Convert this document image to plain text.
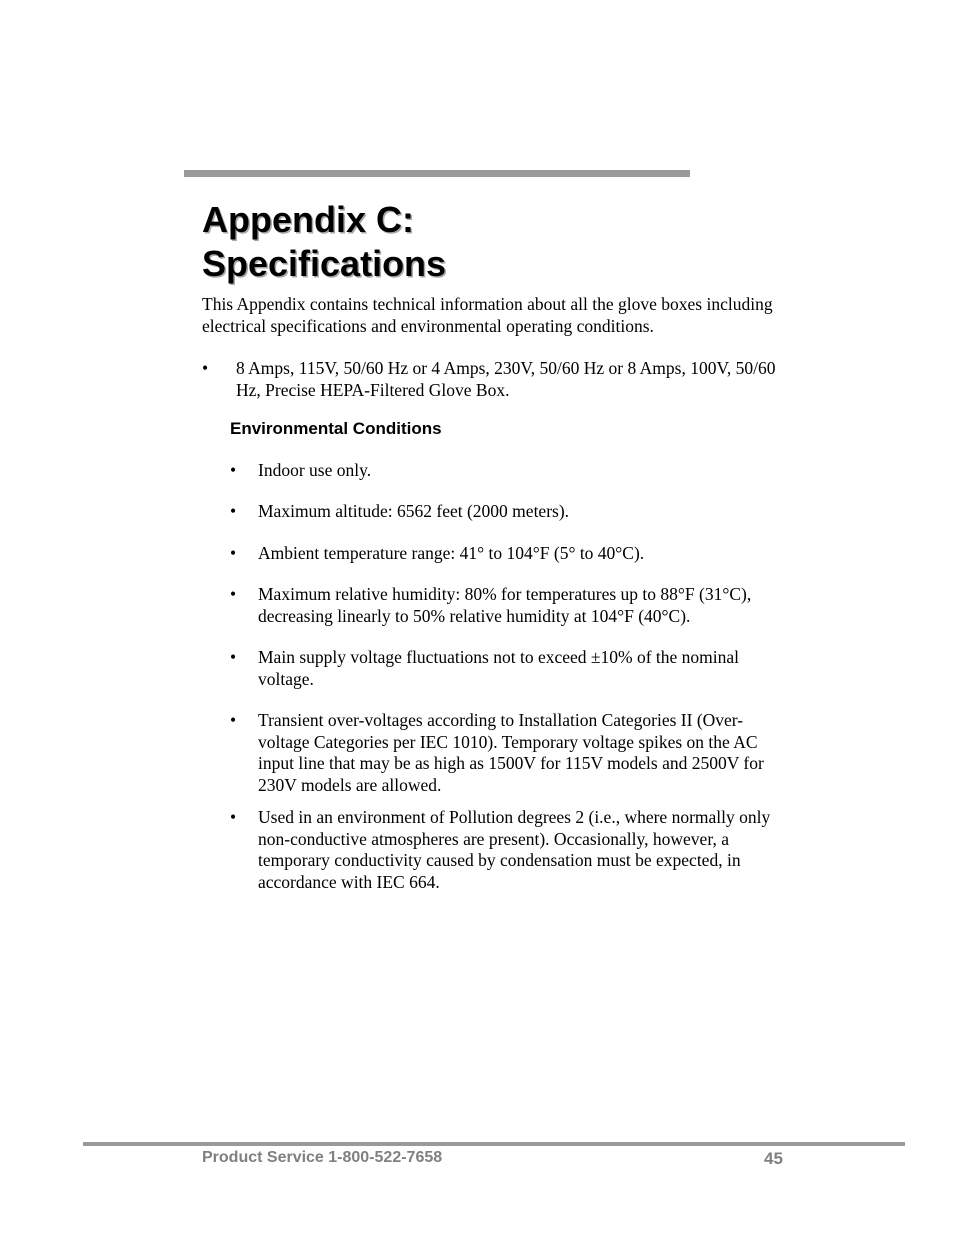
Appendix C:
Specifications

This Appendix contains technical information about all the glove boxes including electrical specifications and environmental operating conditions.

•	8 Amps, 115V, 50/60 Hz or 4 Amps, 230V, 50/60 Hz or 8 Amps, 100V, 50/60 Hz, Precise HEPA-Filtered Glove Box.
Environmental Conditions
• Indoor use only.
• Maximum altitude: 6562 feet (2000 meters).
• Ambient temperature range: 41° to 104°F (5° to 40°C).
• Maximum relative humidity: 80% for temperatures up to 88°F (31°C), decreasing linearly to 50% relative humidity at 104°F (40°C).
• Main supply voltage fluctuations not to exceed ±10% of the nominal voltage.
• Transient over-voltages according to Installation Categories II (Over-voltage Categories per IEC 1010). Temporary voltage spikes on the AC input line that may be as high as 1500V for 115V models and 2500V for 230V models are allowed.
• Used in an environment of Pollution degrees 2 (i.e., where normally only non-conductive atmospheres are present). Occasionally, however, a temporary conductivity caused by condensation must be expected, in accordance with IEC 664.
Product Service 1-800-522-7658	45
